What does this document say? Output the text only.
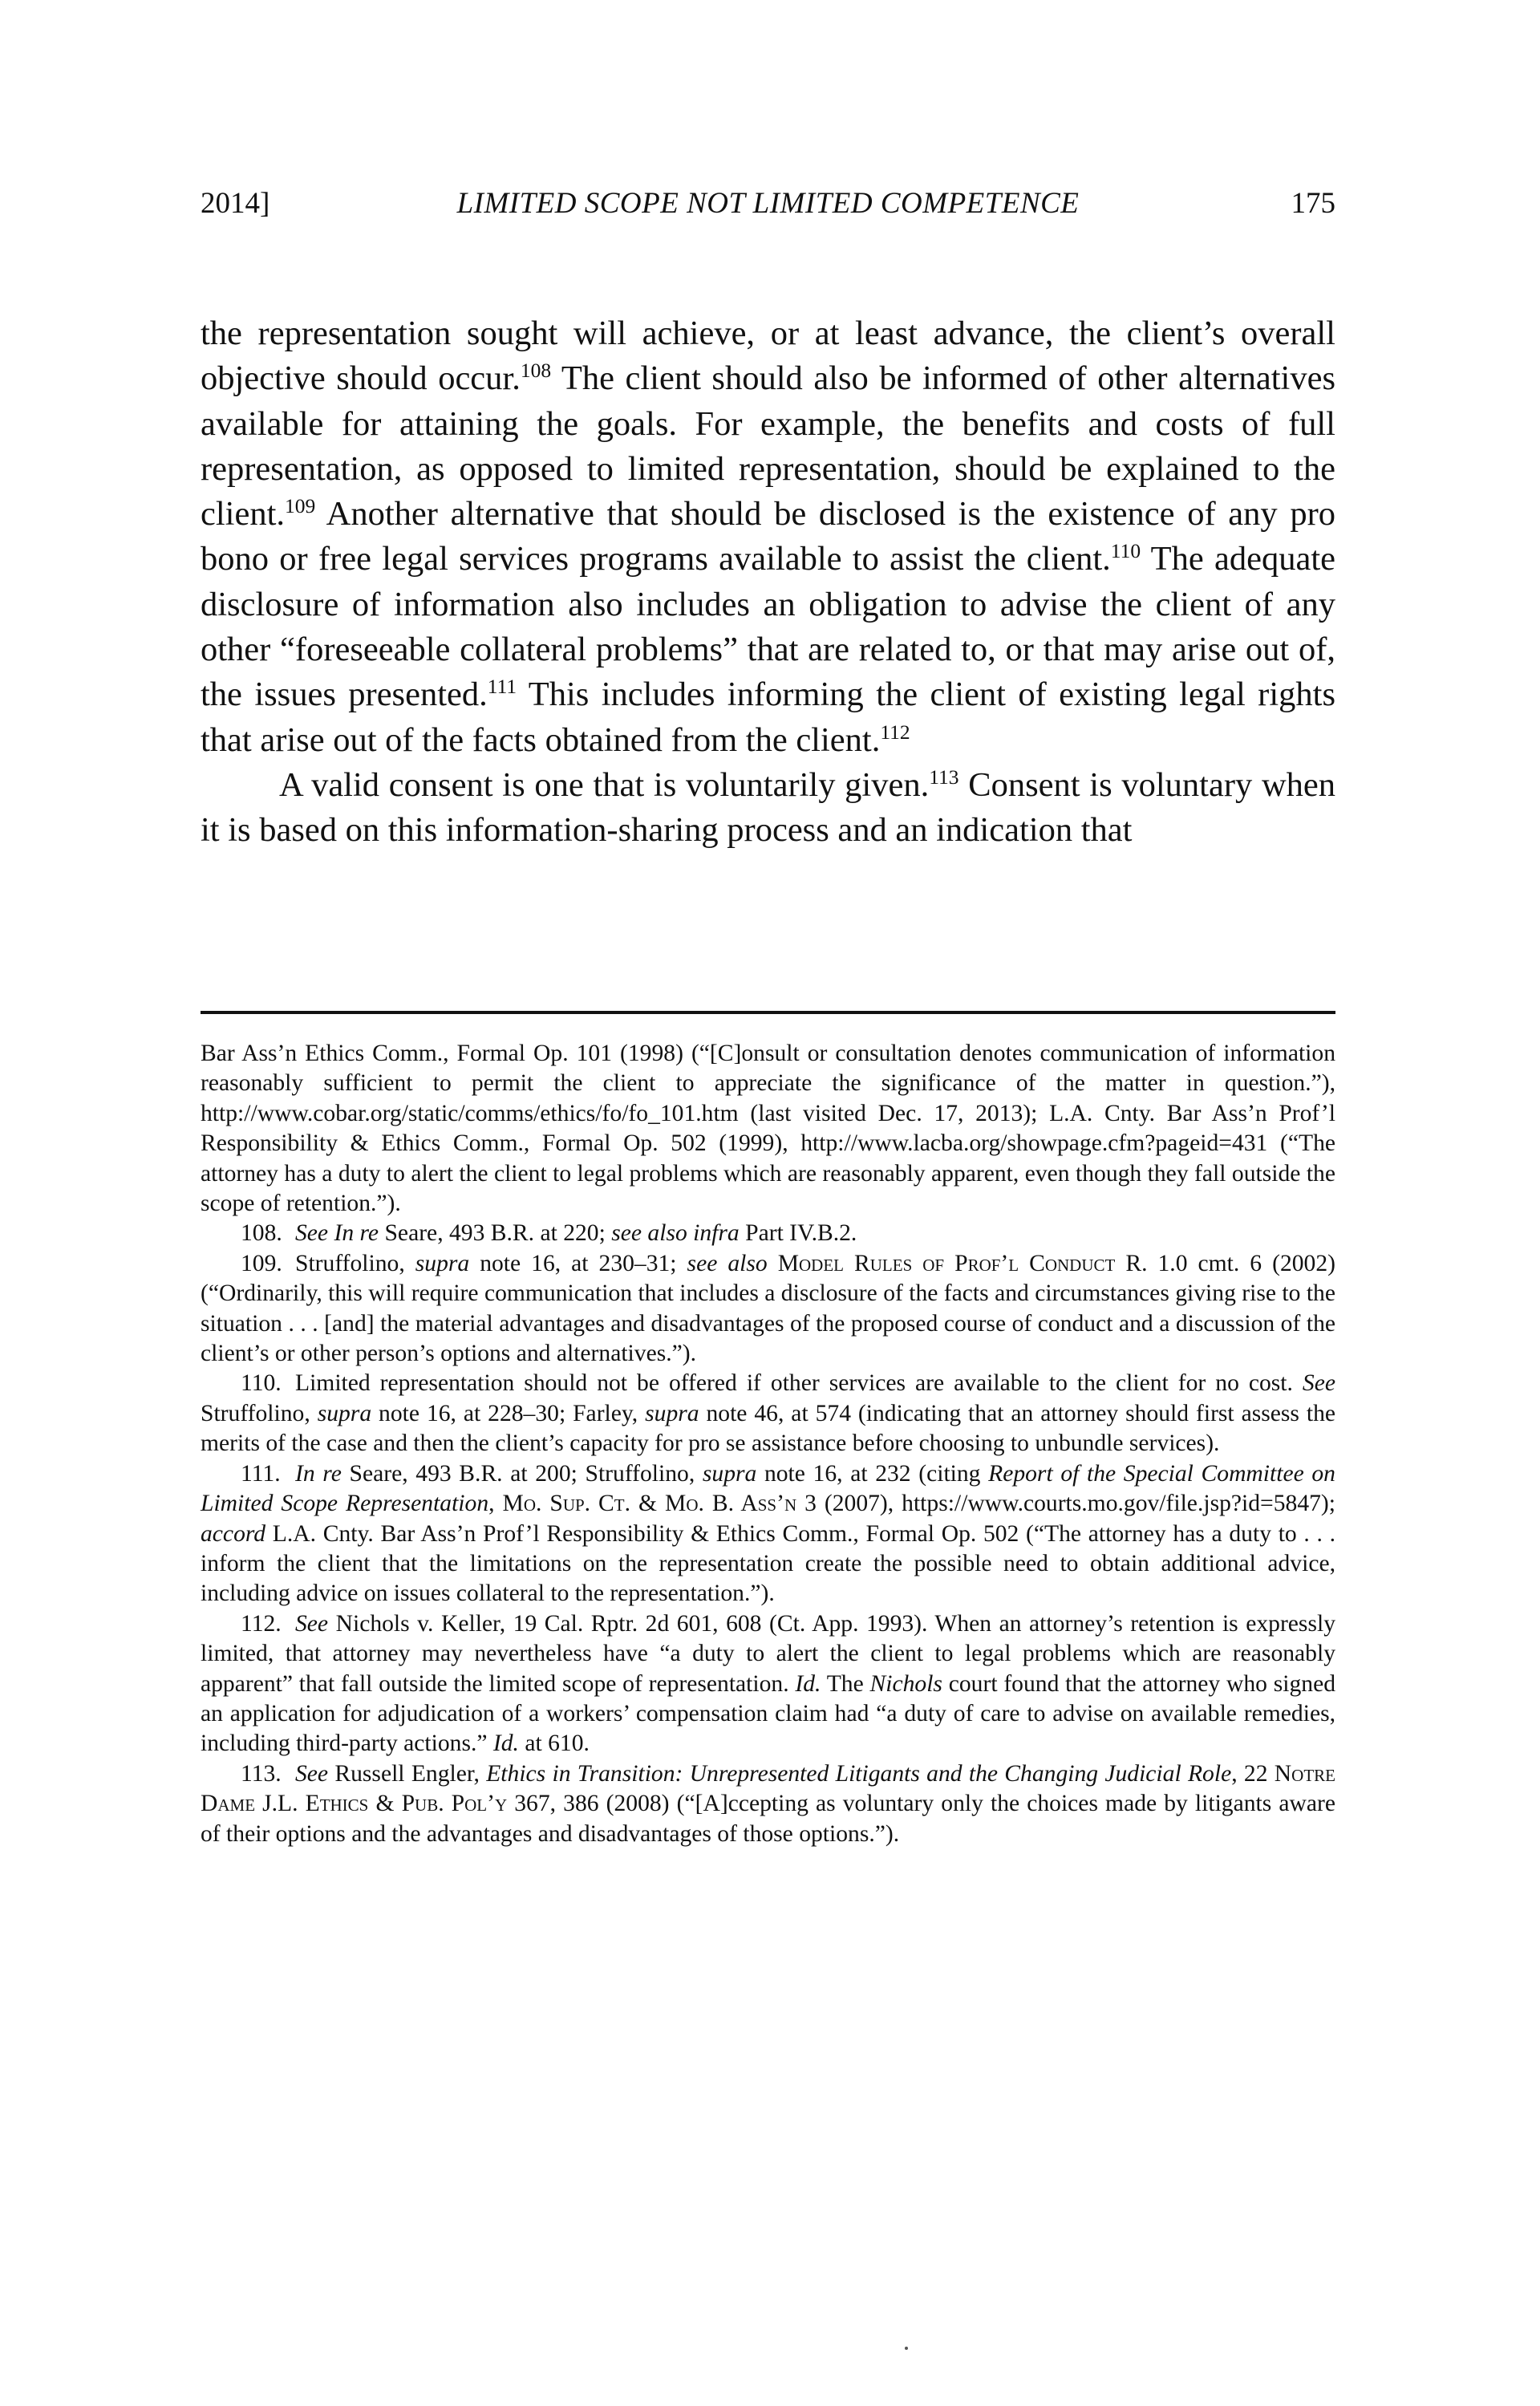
2014]	LIMITED SCOPE NOT LIMITED COMPETENCE	175

the representation sought will achieve, or at least advance, the client’s overall objective should occur.$^{108}$ The client should also be informed of other alternatives available for attaining the goals. For example, the benefits and costs of full representation, as opposed to limited representation, should be explained to the client.$^{109}$ Another alternative that should be disclosed is the existence of any pro bono or free legal services programs available to assist the client.$^{110}$ The adequate disclosure of information also includes an obligation to advise the client of any other “foreseeable collateral problems” that are related to, or that may arise out of, the issues presented.$^{111}$ This includes informing the client of existing legal rights that arise out of the facts obtained from the client.$^{112}$

A valid consent is one that is voluntarily given.$^{113}$ Consent is voluntary when it is based on this information-sharing process and an indication that

Bar Ass’n Ethics Comm., Formal Op. 101 (1998) (“[C]onsult or consultation denotes communication of information reasonably sufficient to permit the client to appreciate the significance of the matter in question.”), http://www.cobar.org/static/comms/ethics/fo/fo_101.htm (last visited Dec. 17, 2013); L.A. Cnty. Bar Ass’n Prof’l Responsibility & Ethics Comm., Formal Op. 502 (1999), http://www.lacba.org/showpage.cfm?pageid=431 (“The attorney has a duty to alert the client to legal problems which are reasonably apparent, even though they fall outside the scope of retention.”).

108. See In re Seare, 493 B.R. at 220; see also infra Part IV.B.2.

109. Struffolino, supra note 16, at 230–31; see also Model Rules of Prof’l Conduct R. 1.0 cmt. 6 (2002) (“Ordinarily, this will require communication that includes a disclosure of the facts and circumstances giving rise to the situation . . . [and] the material advantages and disadvantages of the proposed course of conduct and a discussion of the client’s or other person’s options and alternatives.”).

110. Limited representation should not be offered if other services are available to the client for no cost. See Struffolino, supra note 16, at 228–30; Farley, supra note 46, at 574 (indicating that an attorney should first assess the merits of the case and then the client’s capacity for pro se assistance before choosing to unbundle services).

111. In re Seare, 493 B.R. at 200; Struffolino, supra note 16, at 232 (citing Report of the Special Committee on Limited Scope Representation, Mo. Sup. Ct. & Mo. B. Ass’n 3 (2007), https://www.courts.mo.gov/file.jsp?id=5847); accord L.A. Cnty. Bar Ass’n Prof’l Responsibility & Ethics Comm., Formal Op. 502 (“The attorney has a duty to . . . inform the client that the limitations on the representation create the possible need to obtain additional advice, including advice on issues collateral to the representation.”).

112. See Nichols v. Keller, 19 Cal. Rptr. 2d 601, 608 (Ct. App. 1993). When an attorney’s retention is expressly limited, that attorney may nevertheless have “a duty to alert the client to legal problems which are reasonably apparent” that fall outside the limited scope of representation. Id. The Nichols court found that the attorney who signed an application for adjudication of a workers’ compensation claim had “a duty of care to advise on available remedies, including third-party actions.” Id. at 610.

113. See Russell Engler, Ethics in Transition: Unrepresented Litigants and the Changing Judicial Role, 22 Notre Dame J.L. Ethics & Pub. Pol’y 367, 386 (2008) (“[A]ccepting as voluntary only the choices made by litigants aware of their options and the advantages and disadvantages of those options.”).
